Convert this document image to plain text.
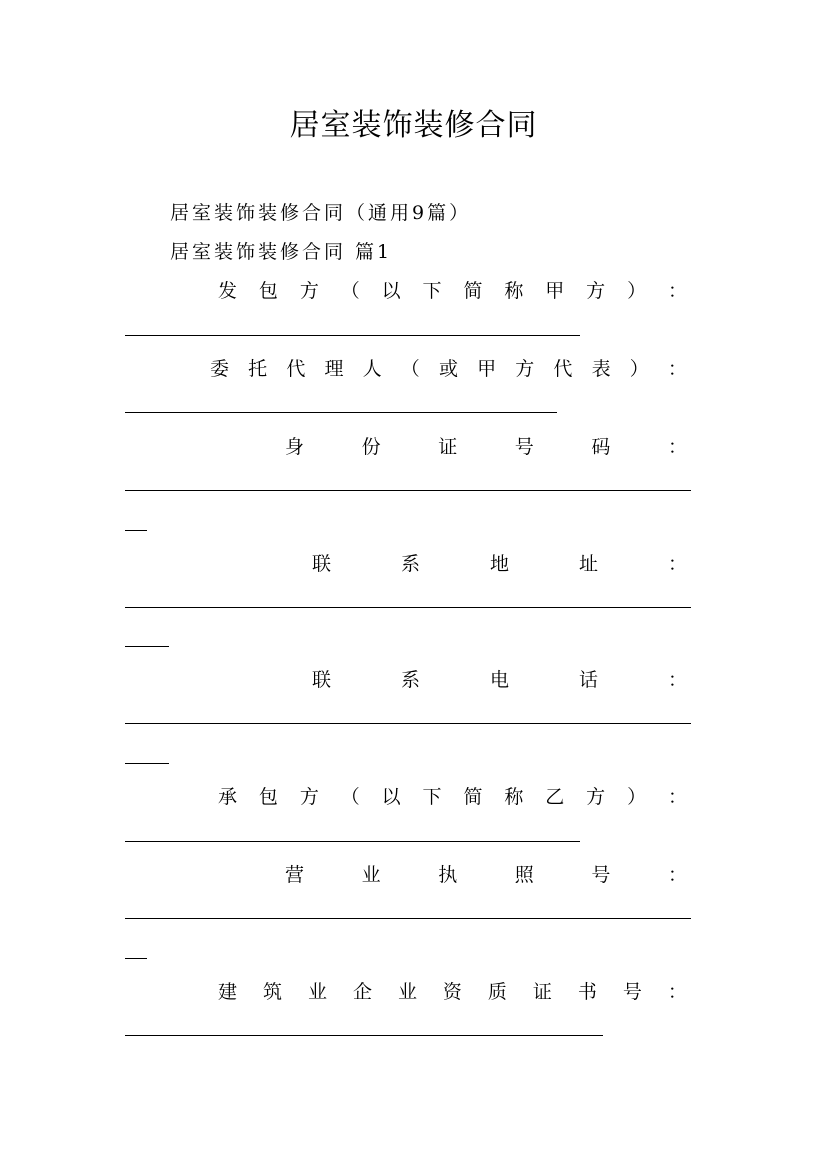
居室装饰装修合同
居室装饰装修合同（通用9篇）
居室装饰装修合同 篇1
发 包 方 （ 以 下 简 称 甲 方 ） ：
委 托 代 理 人 （ 或 甲 方 代 表 ） ：
身	份	证	号	码	：
联	系	地	址	：
联	系	电	话	：
承 包 方 （ 以 下 简 称 乙 方 ） ：
营	业	执	照	号	：
建 筑 业 企 业 资 质 证 书 号 ：
